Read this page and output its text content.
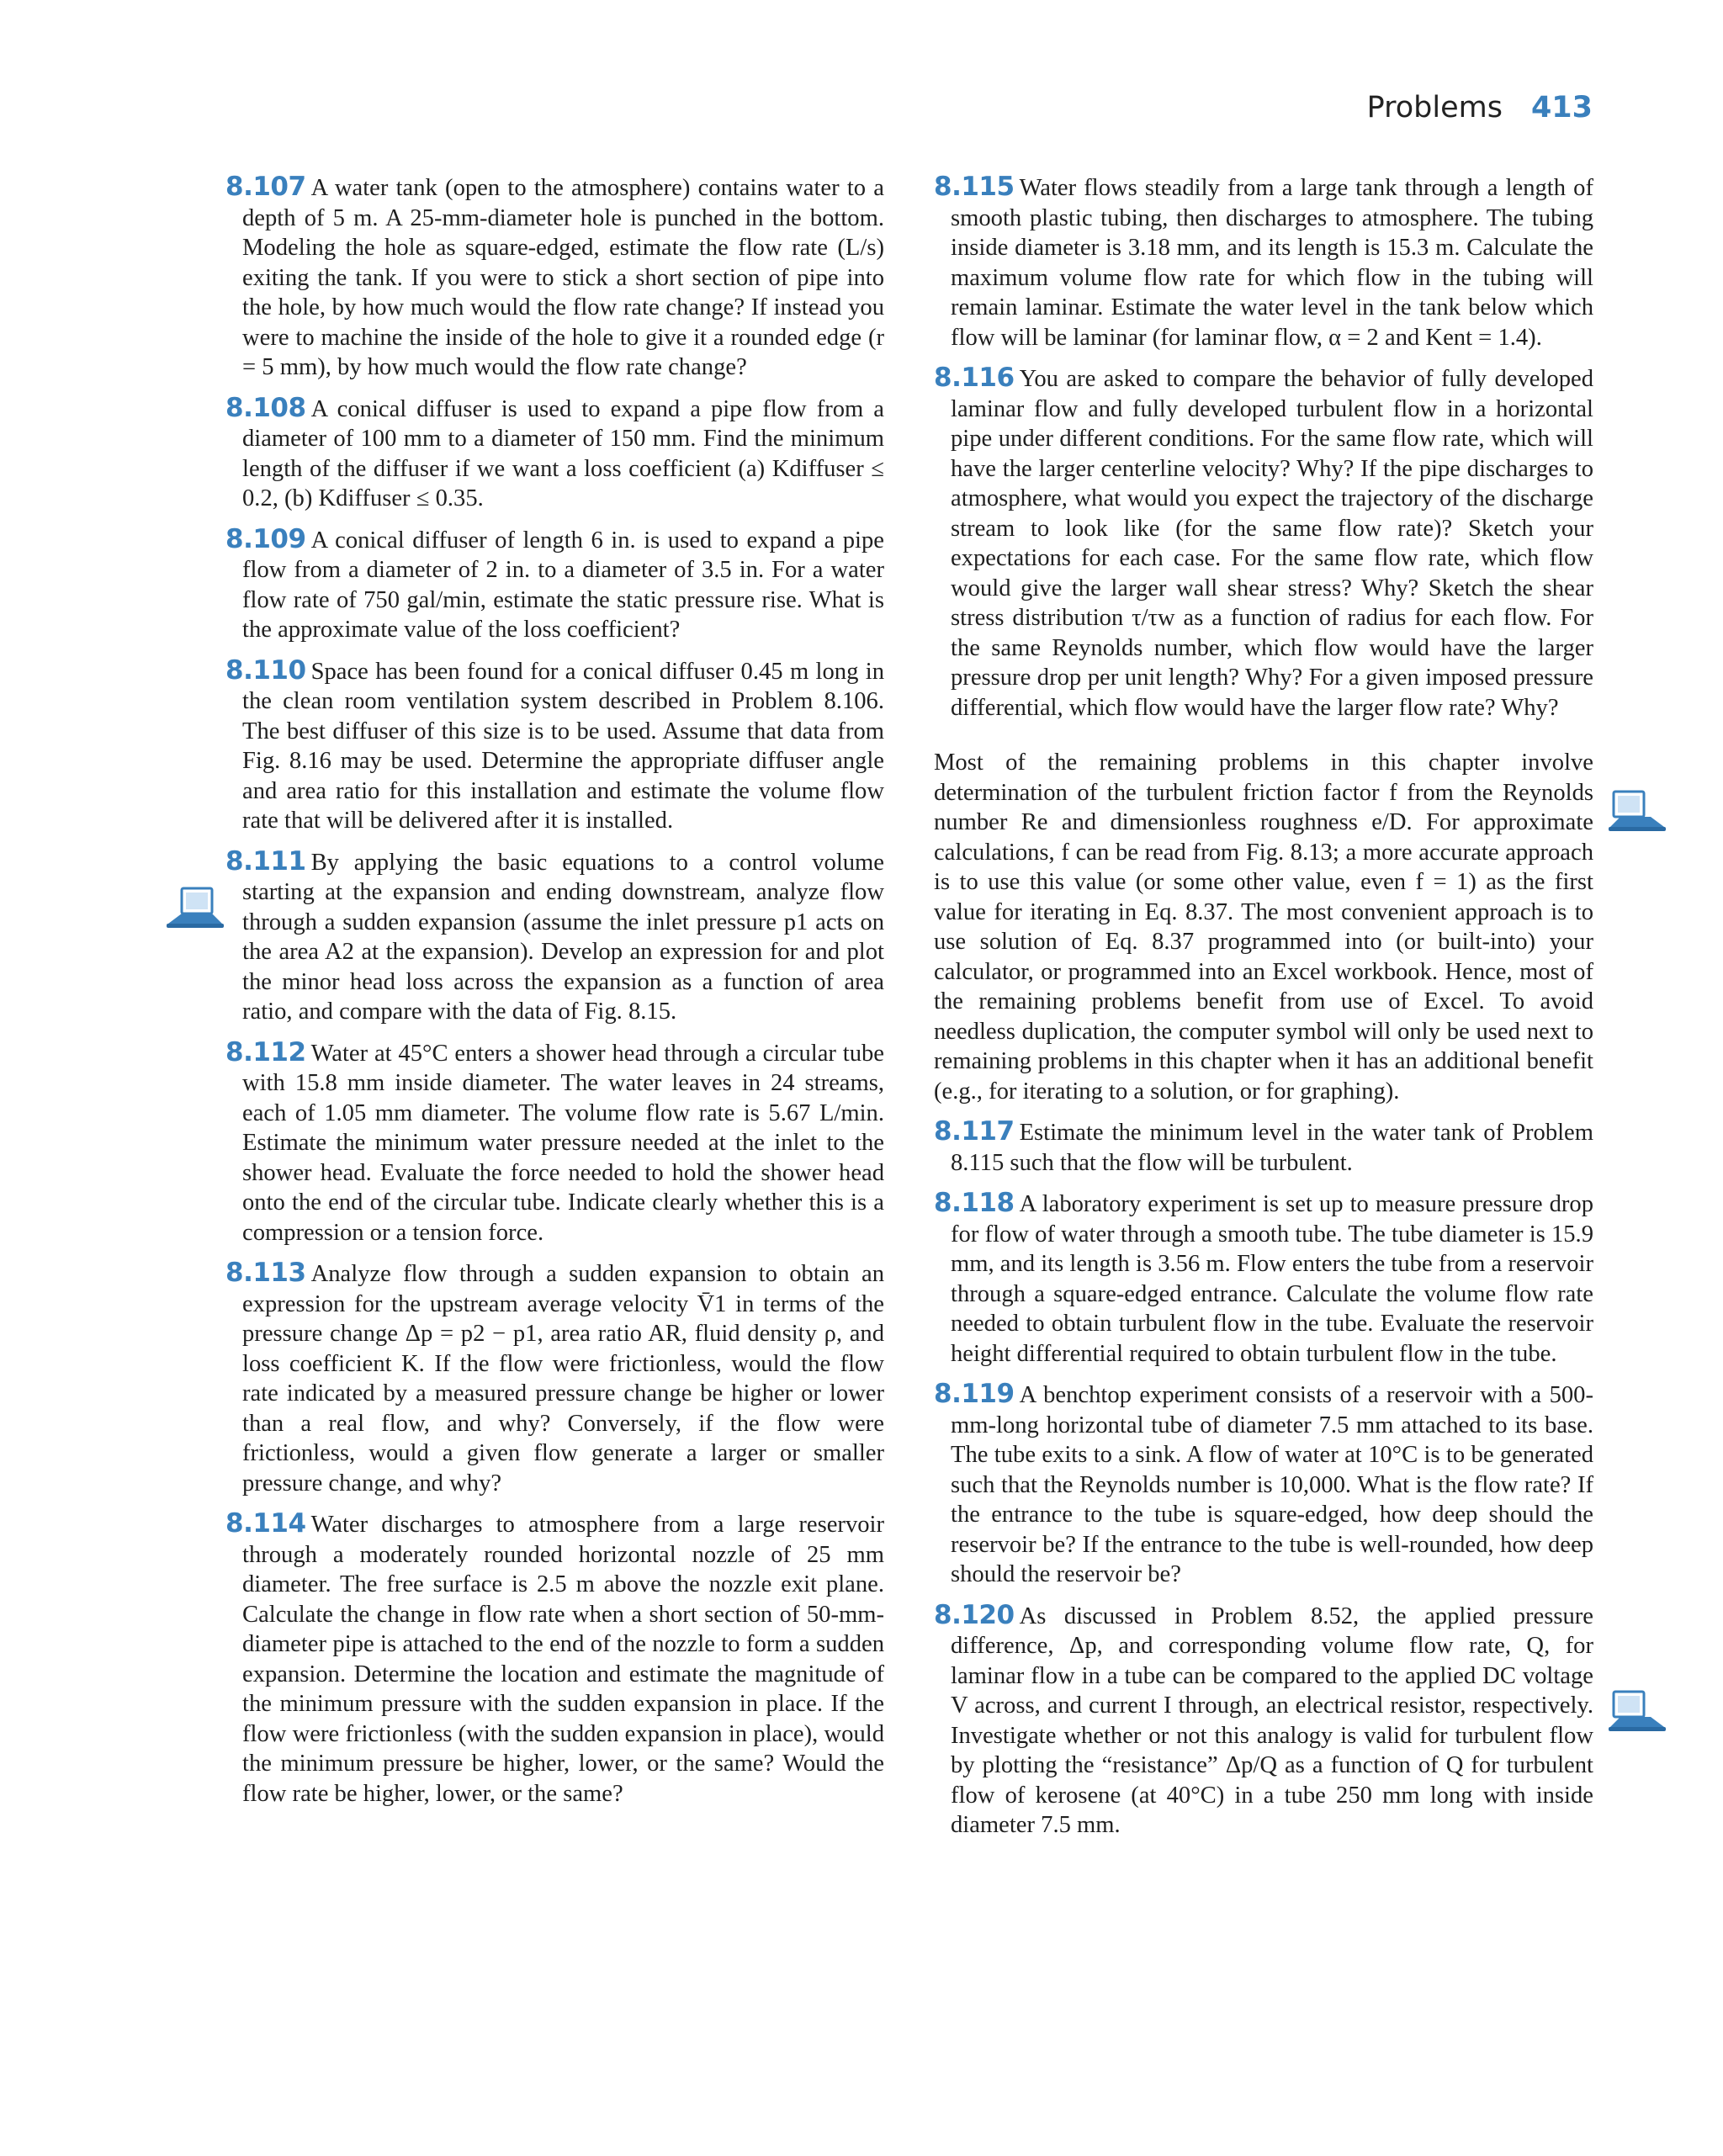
Problems 413

8.107 A water tank (open to the atmosphere) contains water to a depth of 5 m. A 25-mm-diameter hole is punched in the bottom. Modeling the hole as square-edged, estimate the flow rate (L/s) exiting the tank. If you were to stick a short section of pipe into the hole, by how much would the flow rate change? If instead you were to machine the inside of the hole to give it a rounded edge (r = 5 mm), by how much would the flow rate change?

8.108 A conical diffuser is used to expand a pipe flow from a diameter of 100 mm to a diameter of 150 mm. Find the minimum length of the diffuser if we want a loss coefficient (a) Kdiffuser ≤ 0.2, (b) Kdiffuser ≤ 0.35.

8.109 A conical diffuser of length 6 in. is used to expand a pipe flow from a diameter of 2 in. to a diameter of 3.5 in. For a water flow rate of 750 gal/min, estimate the static pressure rise. What is the approximate value of the loss coefficient?

8.110 Space has been found for a conical diffuser 0.45 m long in the clean room ventilation system described in Problem 8.106. The best diffuser of this size is to be used. Assume that data from Fig. 8.16 may be used. Determine the appropriate diffuser angle and area ratio for this installation and estimate the volume flow rate that will be delivered after it is installed.

8.111 By applying the basic equations to a control volume starting at the expansion and ending downstream, analyze flow through a sudden expansion (assume the inlet pressure p1 acts on the area A2 at the expansion). Develop an expression for and plot the minor head loss across the expansion as a function of area ratio, and compare with the data of Fig. 8.15.

8.112 Water at 45°C enters a shower head through a circular tube with 15.8 mm inside diameter. The water leaves in 24 streams, each of 1.05 mm diameter. The volume flow rate is 5.67 L/min. Estimate the minimum water pressure needed at the inlet to the shower head. Evaluate the force needed to hold the shower head onto the end of the circular tube. Indicate clearly whether this is a compression or a tension force.

8.113 Analyze flow through a sudden expansion to obtain an expression for the upstream average velocity V̄1 in terms of the pressure change Δp = p2 − p1, area ratio AR, fluid density ρ, and loss coefficient K. If the flow were frictionless, would the flow rate indicated by a measured pressure change be higher or lower than a real flow, and why? Conversely, if the flow were frictionless, would a given flow generate a larger or smaller pressure change, and why?

8.114 Water discharges to atmosphere from a large reservoir through a moderately rounded horizontal nozzle of 25 mm diameter. The free surface is 2.5 m above the nozzle exit plane. Calculate the change in flow rate when a short section of 50-mm-diameter pipe is attached to the end of the nozzle to form a sudden expansion. Determine the location and estimate the magnitude of the minimum pressure with the sudden expansion in place. If the flow were frictionless (with the sudden expansion in place), would the minimum pressure be higher, lower, or the same? Would the flow rate be higher, lower, or the same?

8.115 Water flows steadily from a large tank through a length of smooth plastic tubing, then discharges to atmosphere. The tubing inside diameter is 3.18 mm, and its length is 15.3 m. Calculate the maximum volume flow rate for which flow in the tubing will remain laminar. Estimate the water level in the tank below which flow will be laminar (for laminar flow, α = 2 and Kent = 1.4).

8.116 You are asked to compare the behavior of fully developed laminar flow and fully developed turbulent flow in a horizontal pipe under different conditions. For the same flow rate, which will have the larger centerline velocity? Why? If the pipe discharges to atmosphere, what would you expect the trajectory of the discharge stream to look like (for the same flow rate)? Sketch your expectations for each case. For the same flow rate, which flow would give the larger wall shear stress? Why? Sketch the shear stress distribution τ/τw as a function of radius for each flow. For the same Reynolds number, which flow would have the larger pressure drop per unit length? Why? For a given imposed pressure differential, which flow would have the larger flow rate? Why?

Most of the remaining problems in this chapter involve determination of the turbulent friction factor f from the Reynolds number Re and dimensionless roughness e/D. For approximate calculations, f can be read from Fig. 8.13; a more accurate approach is to use this value (or some other value, even f = 1) as the first value for iterating in Eq. 8.37. The most convenient approach is to use solution of Eq. 8.37 programmed into (or built-into) your calculator, or programmed into an Excel workbook. Hence, most of the remaining problems benefit from use of Excel. To avoid needless duplication, the computer symbol will only be used next to remaining problems in this chapter when it has an additional benefit (e.g., for iterating to a solution, or for graphing).

8.117 Estimate the minimum level in the water tank of Problem 8.115 such that the flow will be turbulent.

8.118 A laboratory experiment is set up to measure pressure drop for flow of water through a smooth tube. The tube diameter is 15.9 mm, and its length is 3.56 m. Flow enters the tube from a reservoir through a square-edged entrance. Calculate the volume flow rate needed to obtain turbulent flow in the tube. Evaluate the reservoir height differential required to obtain turbulent flow in the tube.

8.119 A benchtop experiment consists of a reservoir with a 500-mm-long horizontal tube of diameter 7.5 mm attached to its base. The tube exits to a sink. A flow of water at 10°C is to be generated such that the Reynolds number is 10,000. What is the flow rate? If the entrance to the tube is square-edged, how deep should the reservoir be? If the entrance to the tube is well-rounded, how deep should the reservoir be?

8.120 As discussed in Problem 8.52, the applied pressure difference, Δp, and corresponding volume flow rate, Q, for laminar flow in a tube can be compared to the applied DC voltage V across, and current I through, an electrical resistor, respectively. Investigate whether or not this analogy is valid for turbulent flow by plotting the “resistance” Δp/Q as a function of Q for turbulent flow of kerosene (at 40°C) in a tube 250 mm long with inside diameter 7.5 mm.
